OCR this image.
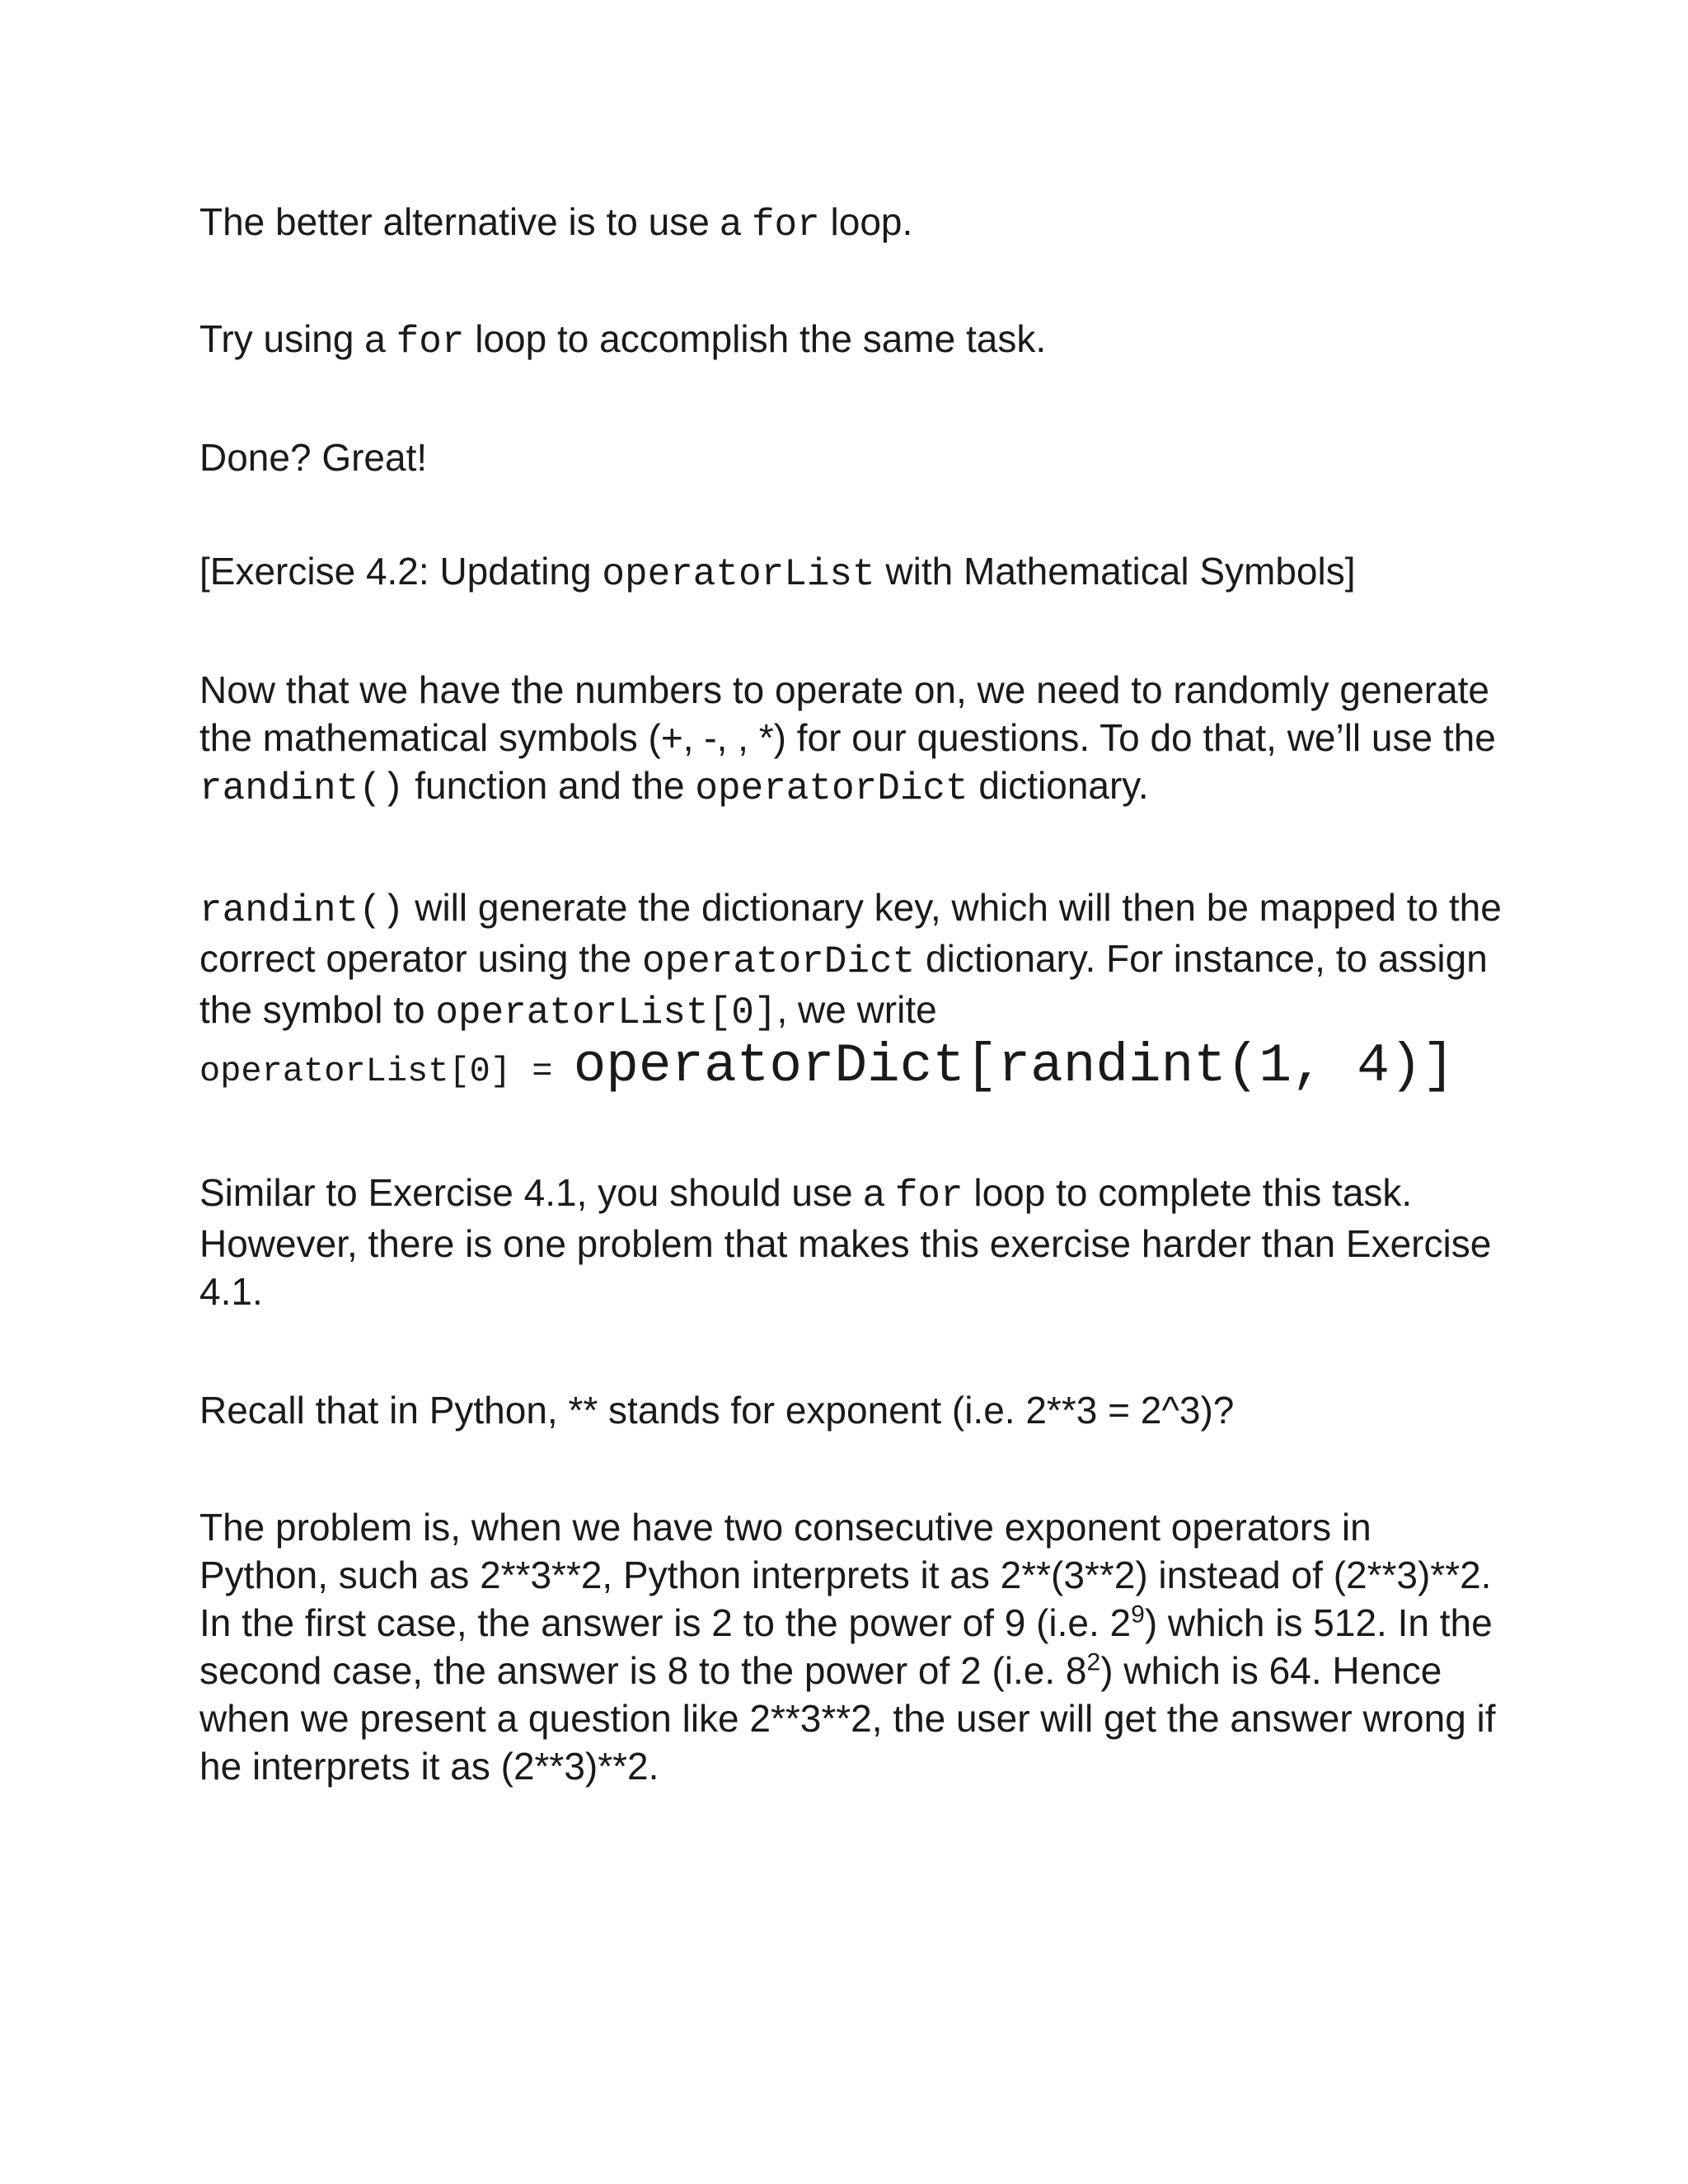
The better alternative is to use a for loop.

Try using a for loop to accomplish the same task.

Done? Great!

[Exercise 4.2: Updating operatorList with Mathematical Symbols]

Now that we have the numbers to operate on, we need to randomly generate the mathematical symbols (+, -, , *) for our questions. To do that, we’ll use the randint() function and the operatorDict dictionary.

randint() will generate the dictionary key, which will then be mapped to the correct operator using the operatorDict dictionary. For instance, to assign the symbol to operatorList[0], we write
operatorList[0] = operatorDict[randint(1, 4)]

Similar to Exercise 4.1, you should use a for loop to complete this task. However, there is one problem that makes this exercise harder than Exercise 4.1.

Recall that in Python, ** stands for exponent (i.e. 2**3 = 2^3)?

The problem is, when we have two consecutive exponent operators in Python, such as 2**3**2, Python interprets it as 2**(3**2) instead of (2**3)**2. In the first case, the answer is 2 to the power of 9 (i.e. $2^9$) which is 512. In the second case, the answer is 8 to the power of 2 (i.e. $8^2$) which is 64. Hence when we present a question like 2**3**2, the user will get the answer wrong if he interprets it as (2**3)**2.
